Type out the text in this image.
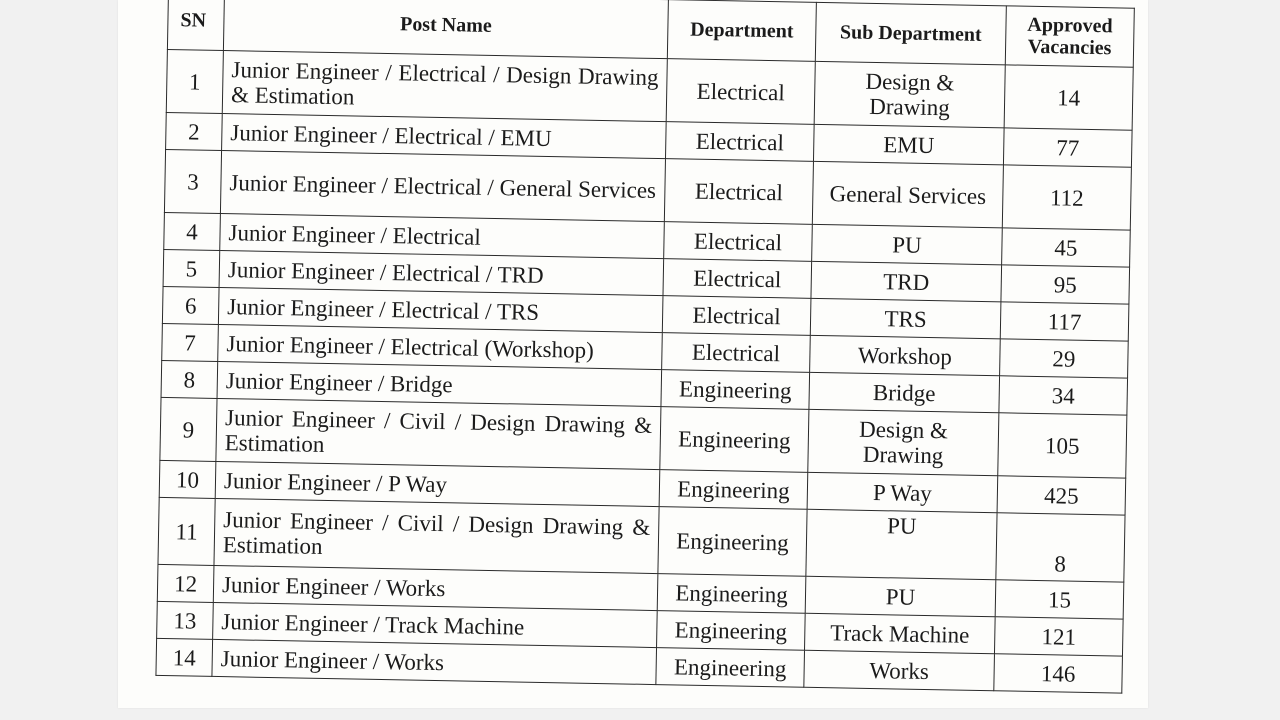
SN	Post Name	Department	Sub Department	Approved Vacancies
1	Junior Engineer / Electrical / Design Drawing & Estimation	Electrical	Design & Drawing	14
2	Junior Engineer / Electrical / EMU	Electrical	EMU	77
3	Junior Engineer / Electrical / General Services	Electrical	General Services	112
4	Junior Engineer / Electrical	Electrical	PU	45
5	Junior Engineer / Electrical / TRD	Electrical	TRD	95
6	Junior Engineer / Electrical / TRS	Electrical	TRS	117
7	Junior Engineer / Electrical (Workshop)	Electrical	Workshop	29
8	Junior Engineer / Bridge	Engineering	Bridge	34
9	Junior Engineer / Civil / Design Drawing & Estimation	Engineering	Design & Drawing	105
10	Junior Engineer / P Way	Engineering	P Way	425
11	Junior Engineer / Civil / Design Drawing & Estimation	Engineering	PU	8
12	Junior Engineer / Works	Engineering	PU	15
13	Junior Engineer / Track Machine	Engineering	Track Machine	121
14	Junior Engineer / Works	Engineering	Works	146
